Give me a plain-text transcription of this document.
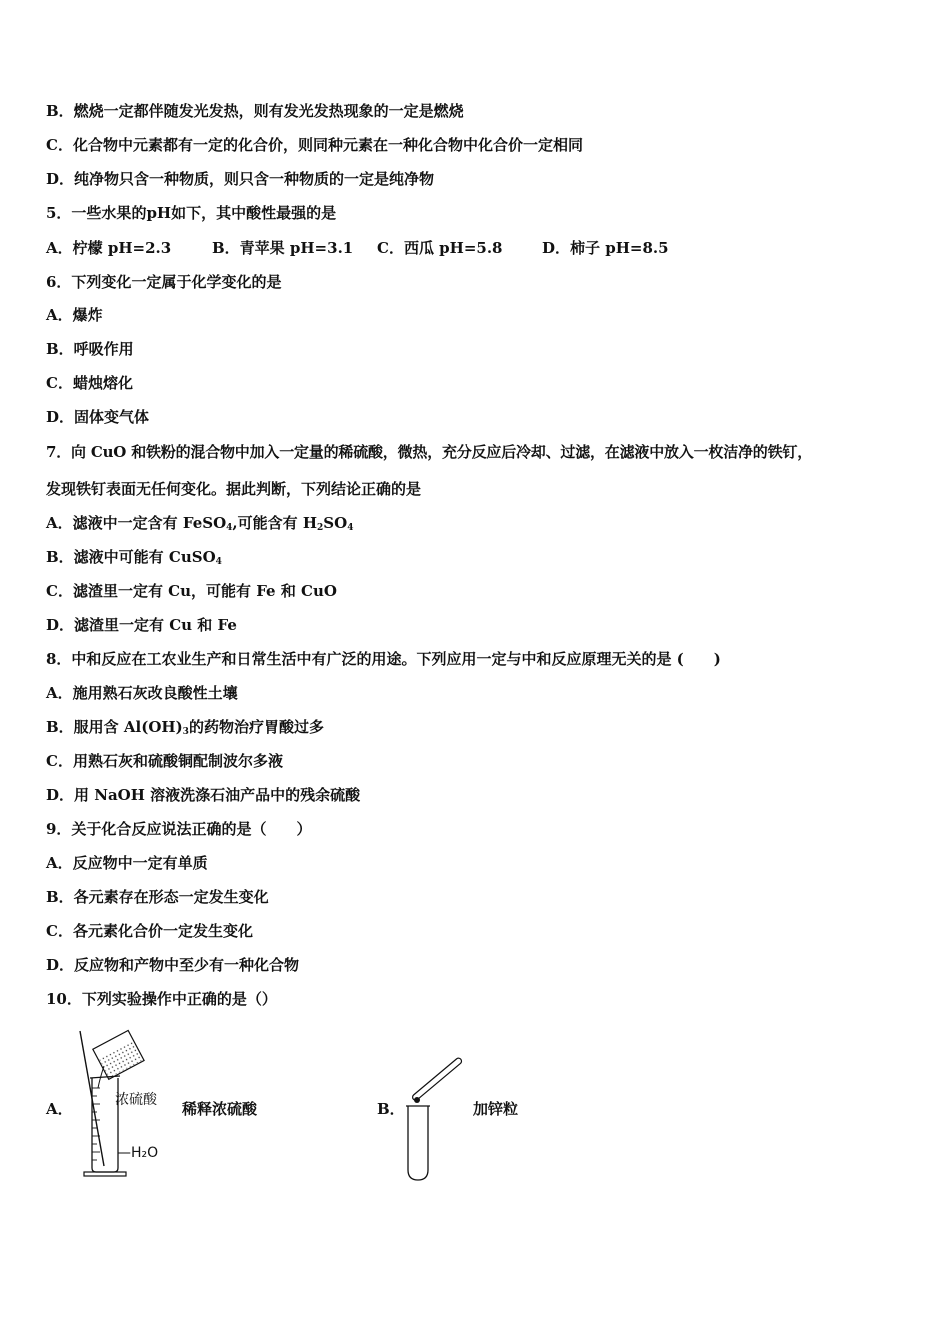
B．燃烧一定都伴随发光发热，则有发光发热现象的一定是燃烧
C．化合物中元素都有一定的化合价，则同种元素在一种化合物中化合价一定相同
D．纯净物只含一种物质，则只含一种物质的一定是纯净物
5．一些水果的pH如下，其中酸性最强的是
A．柠檬 pH=2.3	B．青苹果 pH=3.1 C．西瓜 pH=5.8	D．柿子 pH=8.5
6．下列变化一定属于化学变化的是
A．爆炸
B．呼吸作用
C．蜡烛熔化
D．固体变气体
7．向 CuO 和铁粉的混合物中加入一定量的稀硫酸，微热，充分反应后冷却、过滤，在滤液中放入一枚洁净的铁钉，
发现铁钉表面无任何变化。据此判断，下列结论正确的是
A．滤液中一定含有 FeSO$_4$,可能含有 $H_2SO_4$
B．滤液中可能有 CuSO$_4$
C．滤渣里一定有 Cu，可能有 Fe 和 CuO
D．滤渣里一定有 Cu 和 Fe
8．中和反应在工农业生产和日常生活中有广泛的用途。下列应用一定与中和反应原理无关的是 (　　)
A．施用熟石灰改良酸性土壤
B．服用含 $Al(OH)_3$的药物治疗胃酸过多
C．用熟石灰和硫酸铜配制波尔多液
D．用 NaOH 溶液洗涤石油产品中的残余硫酸
9．关于化合反应说法正确的是（　　）
A．反应物中一定有单质
B．各元素存在形态一定发生变化
C．各元素化合价一定发生变化
D．反应物和产物中至少有一种化合物
10．下列实验操作中正确的是（）
A．	浓硫酸
—H₂O
稀释浓硫酸	B．	加锌粒
